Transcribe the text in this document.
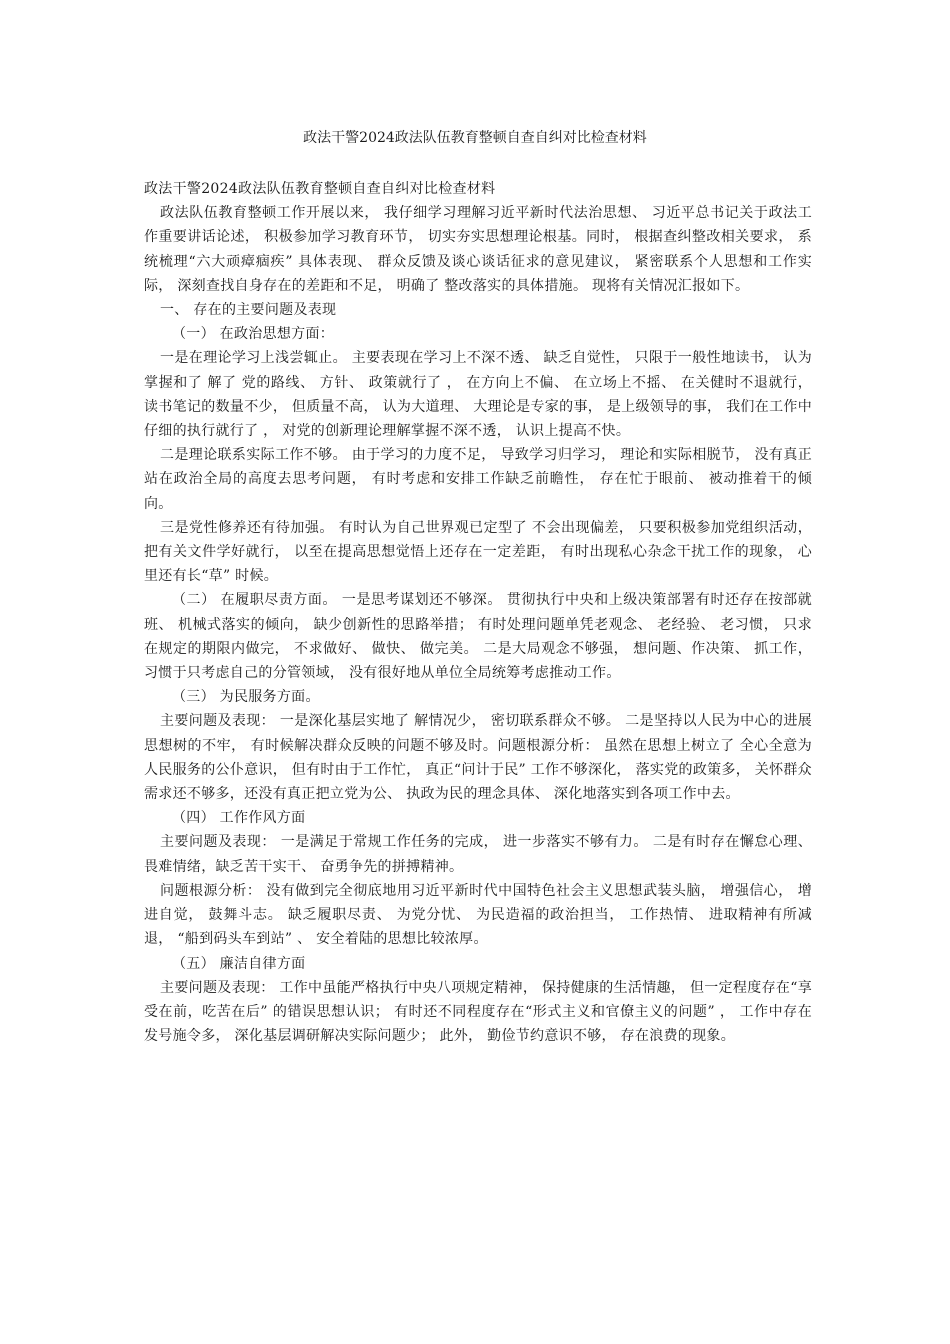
政法干警2024政法队伍教育整顿自查自纠对比检查材料

政法干警2024政法队伍教育整顿自查自纠对比检查材料

政法队伍教育整顿工作开展以来， 我仔细学习理解习近平新时代法治思想、 习近平总书记关于政法工作重要讲话论述， 积极参加学习教育环节， 切实夯实思想理论根基。同时， 根据查纠整改相关要求， 系统梳理“六大顽瘴痼疾” 具体表现、 群众反馈及谈心谈话征求的意见建议， 紧密联系个人思想和工作实际， 深刻查找自身存在的差距和不足， 明确了 整改落实的具体措施。 现将有关情况汇报如下。

一、 存在的主要问题及表现

（一） 在政治思想方面：

一是在理论学习上浅尝辄止。 主要表现在学习上不深不透、 缺乏自觉性， 只限于一般性地读书， 认为掌握和了 解了 党的路线、 方针、 政策就行了 ， 在方向上不偏、 在立场上不摇、 在关健时不退就行， 读书笔记的数量不少， 但质量不高， 认为大道理、 大理论是专家的事， 是上级领导的事， 我们在工作中仔细的执行就行了 ， 对党的创新理论理解掌握不深不透， 认识上提高不快。

二是理论联系实际工作不够。 由于学习的力度不足， 导致学习归学习， 理论和实际相脱节， 没有真正站在政治全局的高度去思考问题， 有时考虑和安排工作缺乏前瞻性， 存在忙于眼前、 被动推着干的倾向。

三是党性修养还有待加强。 有时认为自己世界观已定型了 不会出现偏差， 只要积极参加党组织活动， 把有关文件学好就行， 以至在提高思想觉悟上还存在一定差距， 有时出现私心杂念干扰工作的现象， 心里还有长“草” 时候。

（二） 在履职尽责方面。 一是思考谋划还不够深。 贯彻执行中央和上级决策部署有时还存在按部就班、 机械式落实的倾向， 缺少创新性的思路举措； 有时处理问题单凭老观念、 老经验、 老习惯， 只求在规定的期限内做完， 不求做好、 做快、 做完美。 二是大局观念不够强， 想问题、作决策、 抓工作， 习惯于只考虑自己的分管领域， 没有很好地从单位全局统筹考虑推动工作。

（三） 为民服务方面。

主要问题及表现： 一是深化基层实地了 解情况少， 密切联系群众不够。 二是坚持以人民为中心的进展思想树的不牢， 有时候解决群众反映的问题不够及时。问题根源分析： 虽然在思想上树立了 全心全意为人民服务的公仆意识， 但有时由于工作忙， 真正“问计于民” 工作不够深化， 落实党的政策多， 关怀群众需求还不够多，还没有真正把立党为公、 执政为民的理念具体、 深化地落实到各项工作中去。

（四） 工作作风方面

主要问题及表现： 一是满足于常规工作任务的完成， 进一步落实不够有力。 二是有时存在懈怠心理、 畏难情绪，缺乏苦干实干、 奋勇争先的拼搏精神。

问题根源分析： 没有做到完全彻底地用习近平新时代中国特色社会主义思想武装头脑， 增强信心， 增进自觉， 鼓舞斗志。 缺乏履职尽责、 为党分忧、 为民造福的政治担当， 工作热情、 进取精神有所减退， “船到码头车到站” 、 安全着陆的思想比较浓厚。

（五） 廉洁自律方面

主要问题及表现： 工作中虽能严格执行中央八项规定精神， 保持健康的生活情趣， 但一定程度存在“享受在前，吃苦在后” 的错误思想认识； 有时还不同程度存在“形式主义和官僚主义的问题” ， 工作中存在发号施令多， 深化基层调研解决实际问题少； 此外， 勤俭节约意识不够， 存在浪费的现象。
